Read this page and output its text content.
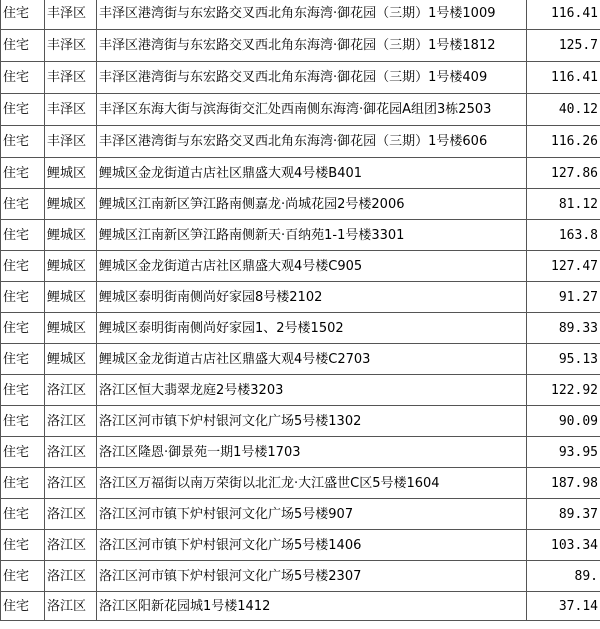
住宅	丰泽区	丰泽区港湾街与东宏路交叉西北角东海湾·御花园（三期）1号楼1009	116.41
住宅	丰泽区	丰泽区港湾街与东宏路交叉西北角东海湾·御花园（三期）1号楼1812	125.7
住宅	丰泽区	丰泽区港湾街与东宏路交叉西北角东海湾·御花园（三期）1号楼409	116.41
住宅	丰泽区	丰泽区东海大街与滨海街交汇处西南侧东海湾·御花园A组团3栋2503	40.12
住宅	丰泽区	丰泽区港湾街与东宏路交叉西北角东海湾·御花园（三期）1号楼606	116.26
住宅	鲤城区	鲤城区金龙街道古店社区鼎盛大观4号楼B401	127.86
住宅	鲤城区	鲤城区江南新区笋江路南侧嘉龙·尚城花园2号楼2006	81.12
住宅	鲤城区	鲤城区江南新区笋江路南侧新天·百纳苑1-1号楼3301	163.8
住宅	鲤城区	鲤城区金龙街道古店社区鼎盛大观4号楼C905	127.47
住宅	鲤城区	鲤城区泰明街南侧尚好家园8号楼2102	91.27
住宅	鲤城区	鲤城区泰明街南侧尚好家园1、2号楼1502	89.33
住宅	鲤城区	鲤城区金龙街道古店社区鼎盛大观4号楼C2703	95.13
住宅	洛江区	洛江区恒大翡翠龙庭2号楼3203	122.92
住宅	洛江区	洛江区河市镇下炉村银河文化广场5号楼1302	90.09
住宅	洛江区	洛江区隆恩·御景苑一期1号楼1703	93.95
住宅	洛江区	洛江区万福街以南万荣街以北汇龙·大江盛世C区5号楼1604	187.98
住宅	洛江区	洛江区河市镇下炉村银河文化广场5号楼907	89.37
住宅	洛江区	洛江区河市镇下炉村银河文化广场5号楼1406	103.34
住宅	洛江区	洛江区河市镇下炉村银河文化广场5号楼2307	89.
住宅	洛江区	洛江区阳新花园城1号楼1412	37.14
